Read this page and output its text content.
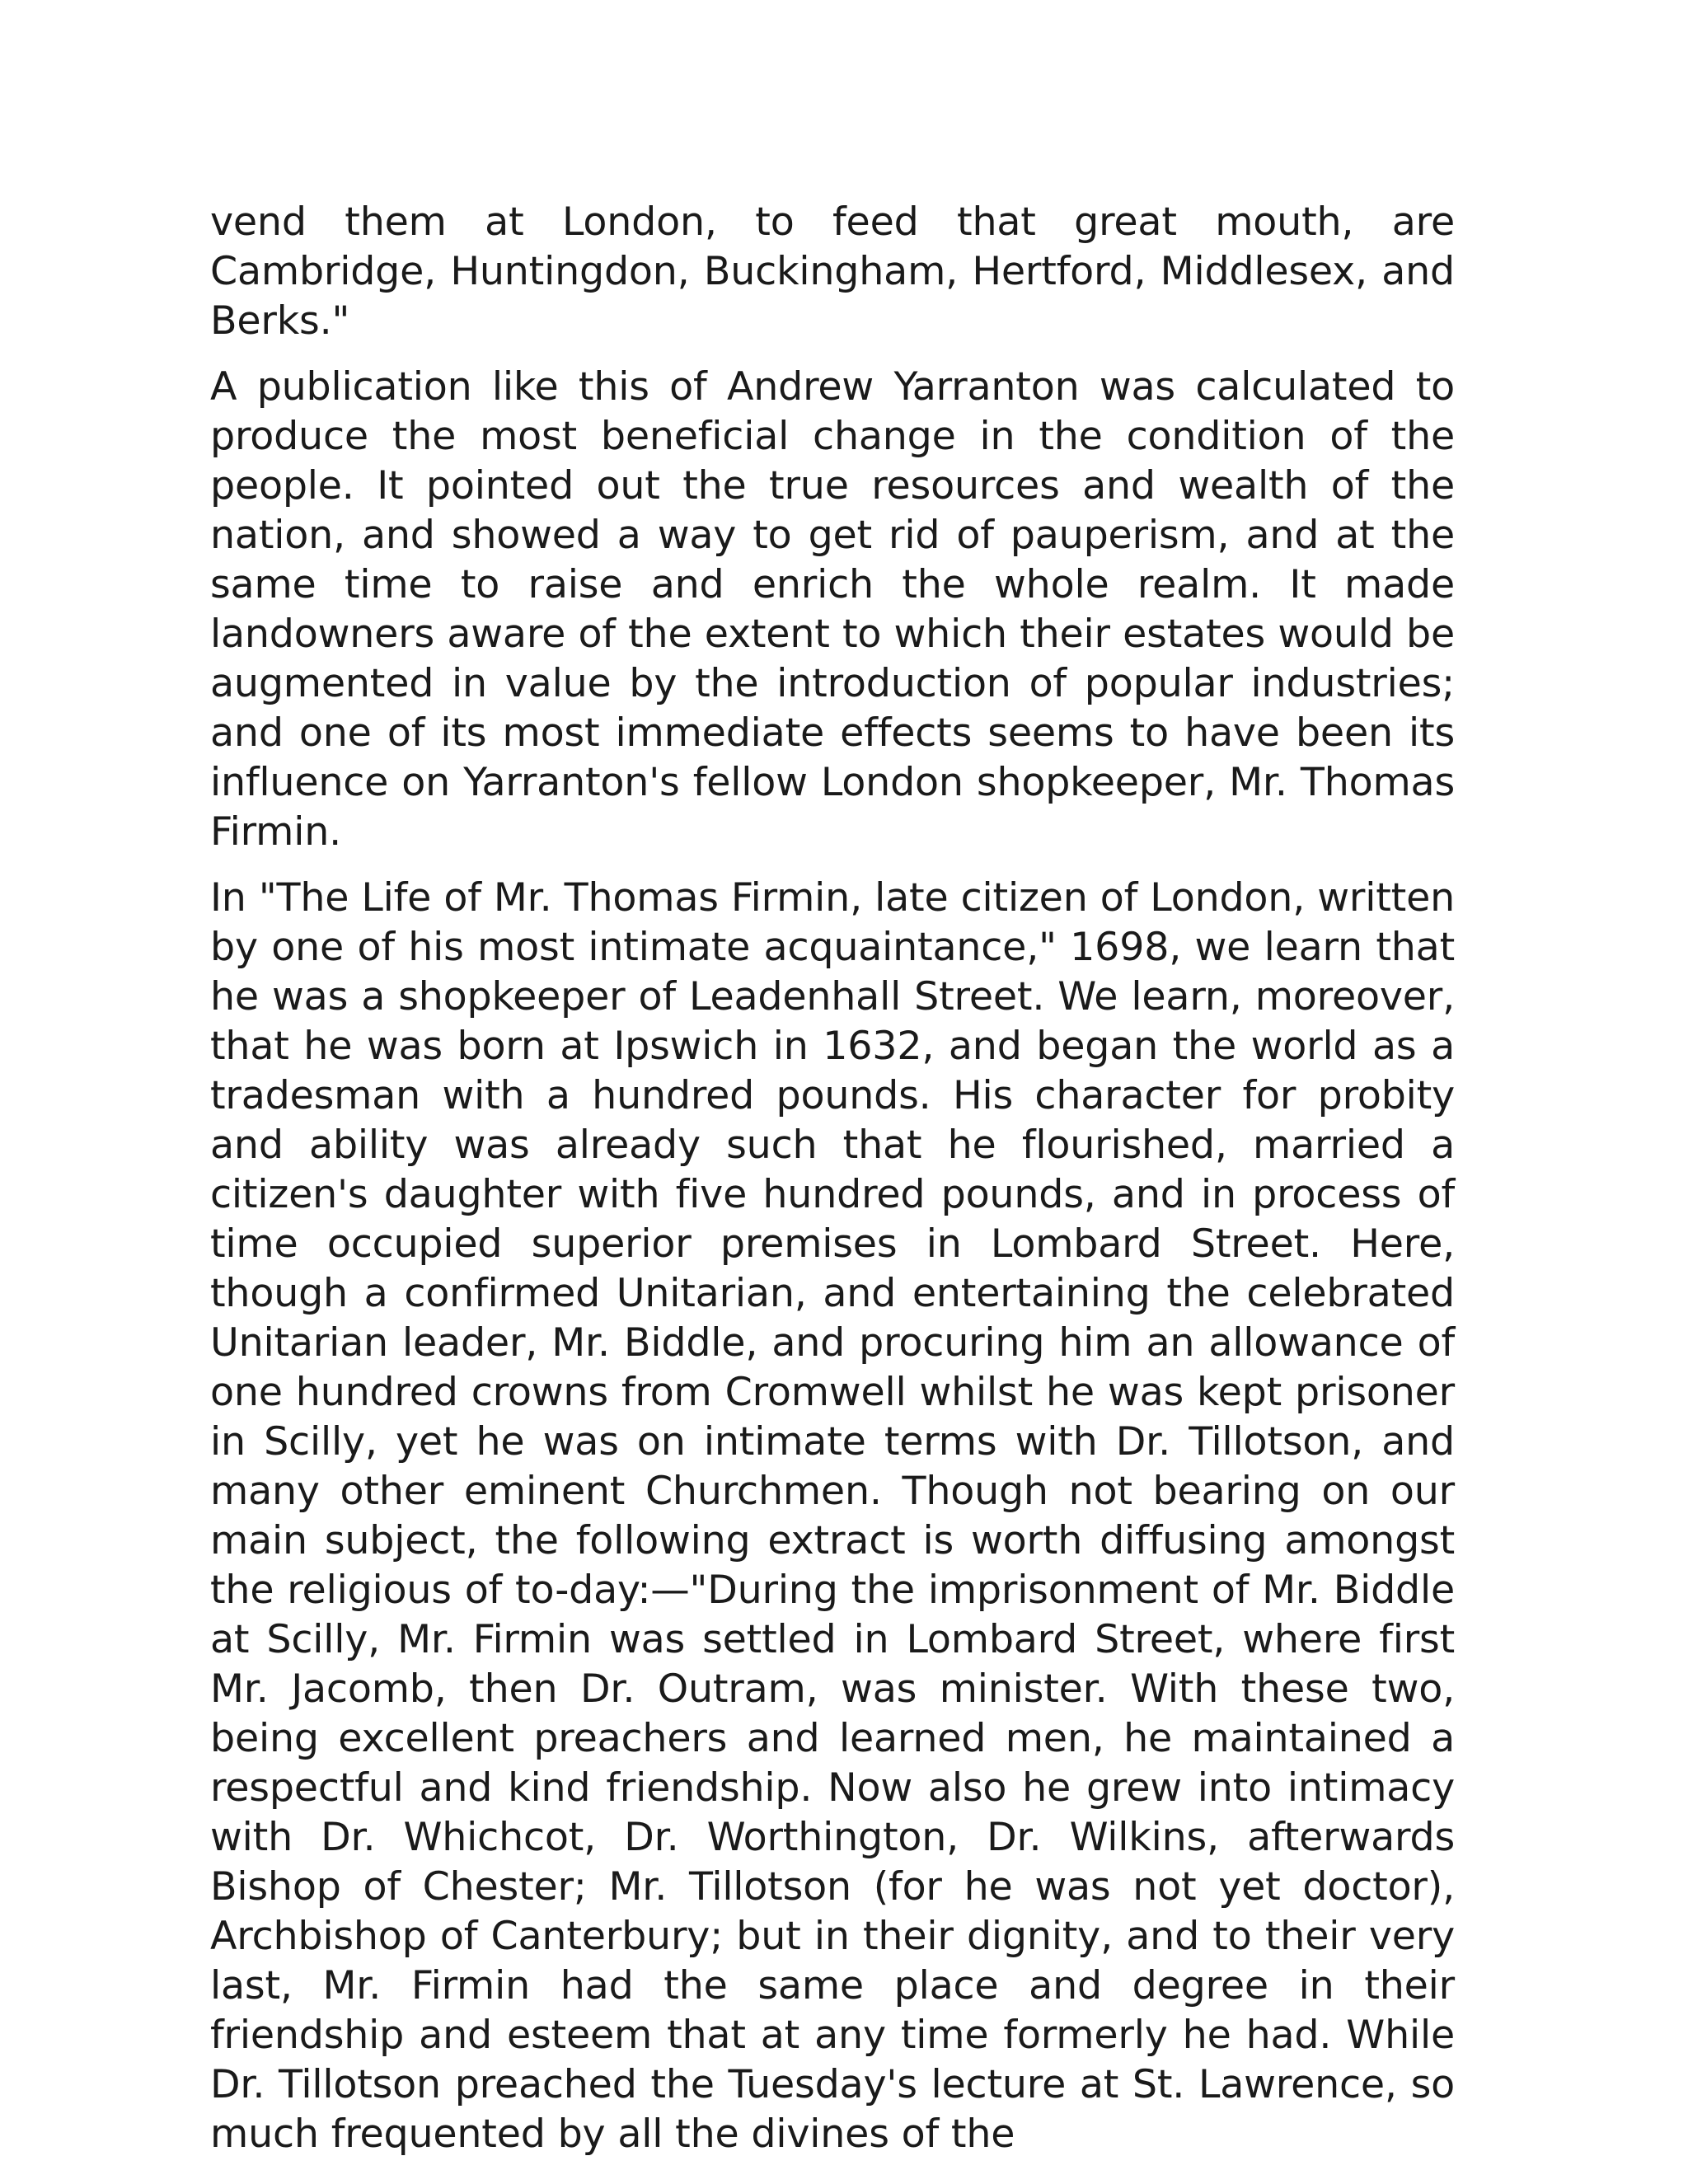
vend them at London, to feed that great mouth, are Cambridge, Huntingdon, Buckingham, Hertford, Middlesex, and Berks."

A publication like this of Andrew Yarranton was calculated to produce the most beneficial change in the condition of the people. It pointed out the true resources and wealth of the nation, and showed a way to get rid of pauperism, and at the same time to raise and enrich the whole realm. It made landowners aware of the extent to which their estates would be augmented in value by the introduction of popular industries; and one of its most immediate effects seems to have been its influence on Yarranton's fellow London shopkeeper, Mr. Thomas Firmin.

In "The Life of Mr. Thomas Firmin, late citizen of London, written by one of his most intimate acquaintance," 1698, we learn that he was a shopkeeper of Leadenhall Street. We learn, moreover, that he was born at Ipswich in 1632, and began the world as a tradesman with a hundred pounds. His character for probity and ability was already such that he flourished, married a citizen's daughter with five hundred pounds, and in process of time occupied superior premises in Lombard Street. Here, though a confirmed Unitarian, and entertaining the celebrated Unitarian leader, Mr. Biddle, and procuring him an allowance of one hundred crowns from Cromwell whilst he was kept prisoner in Scilly, yet he was on intimate terms with Dr. Tillotson, and many other eminent Churchmen. Though not bearing on our main subject, the following extract is worth diffusing amongst the religious of to-day:—"During the imprisonment of Mr. Biddle at Scilly, Mr. Firmin was settled in Lombard Street, where first Mr. Jacomb, then Dr. Outram, was minister. With these two, being excellent preachers and learned men, he maintained a respectful and kind friendship. Now also he grew into intimacy with Dr. Whichcot, Dr. Worthington, Dr. Wilkins, afterwards Bishop of Chester; Mr. Tillotson (for he was not yet doctor), Archbishop of Canterbury; but in their dignity, and to their very last, Mr. Firmin had the same place and degree in their friendship and esteem that at any time formerly he had. While Dr. Tillotson preached the Tuesday's lecture at St. Lawrence, so much frequented by all the divines of the
